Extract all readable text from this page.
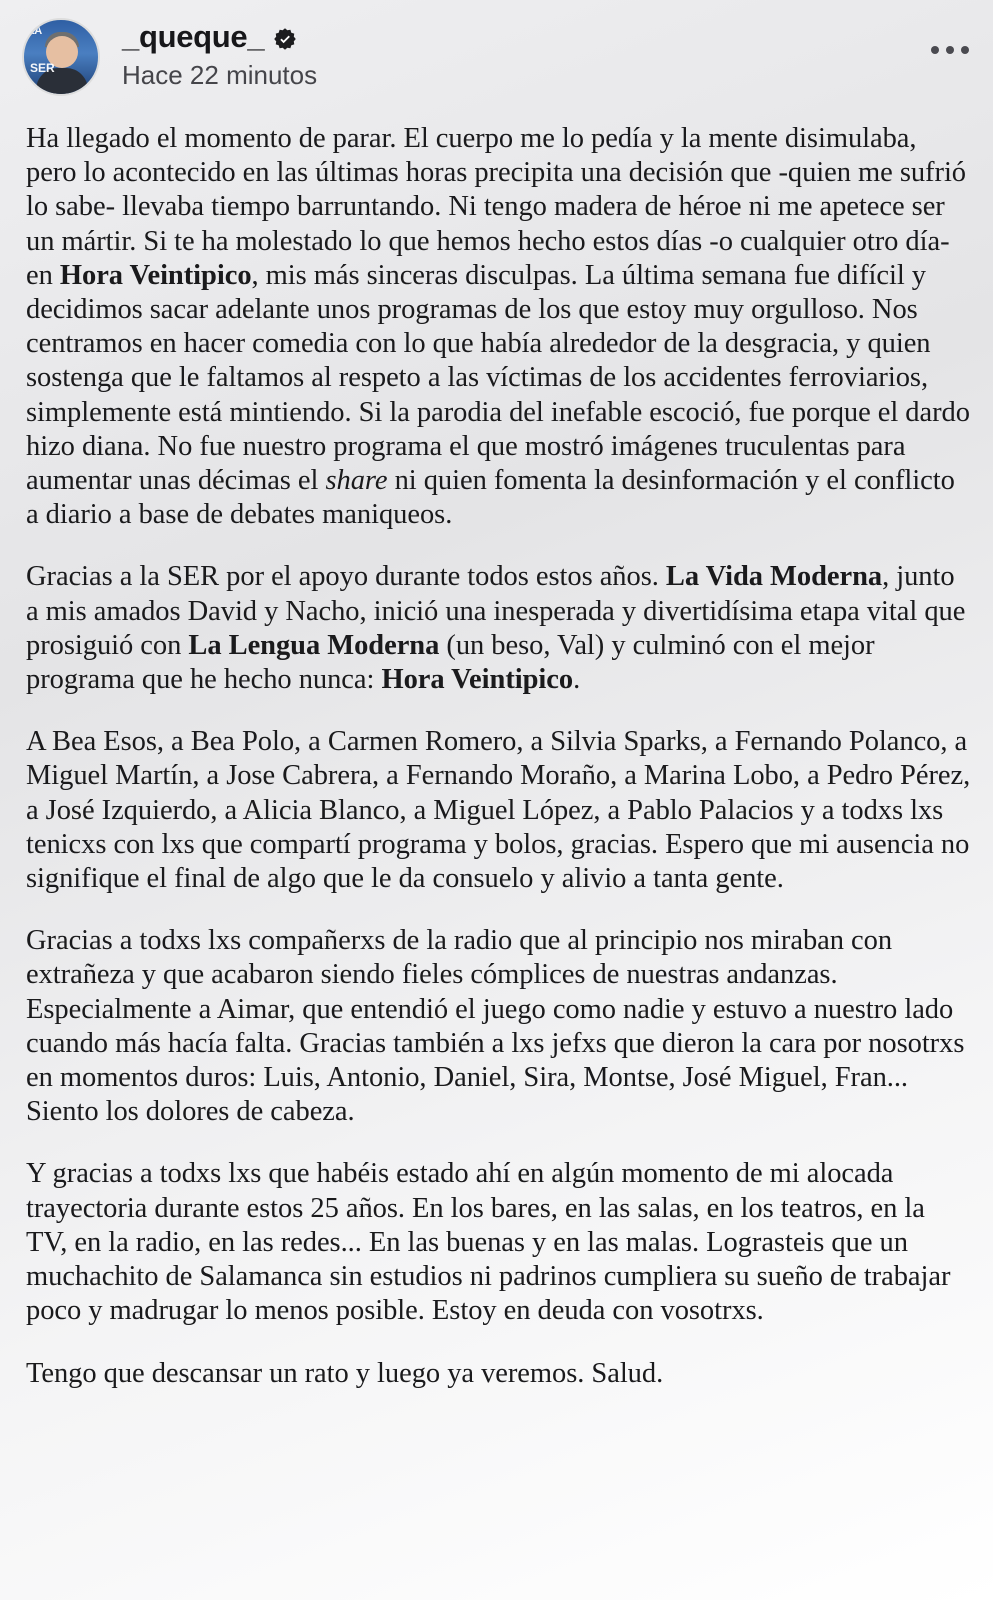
ZA
SER
_queque_
Hace 22 minutos

Ha llegado el momento de parar. El cuerpo me lo pedía y la mente disimulaba, pero lo acontecido en las últimas horas precipita una decisión que -quien me sufrió lo sabe- llevaba tiempo barruntando. Ni tengo madera de héroe ni me apetece ser un mártir. Si te ha molestado lo que hemos hecho estos días -o cualquier otro día- en Hora Veintipico, mis más sinceras disculpas. La última semana fue difícil y decidimos sacar adelante unos programas de los que estoy muy orgulloso. Nos centramos en hacer comedia con lo que había alrededor de la desgracia, y quien sostenga que le faltamos al respeto a las víctimas de los accidentes ferroviarios, simplemente está mintiendo. Si la parodia del inefable escoció, fue porque el dardo hizo diana. No fue nuestro programa el que mostró imágenes truculentas para aumentar unas décimas el share ni quien fomenta la desinformación y el conflicto a diario a base de debates maniqueos.

Gracias a la SER por el apoyo durante todos estos años. La Vida Moderna, junto a mis amados David y Nacho, inició una inesperada y divertidísima etapa vital que prosiguió con La Lengua Moderna (un beso, Val) y culminó con el mejor programa que he hecho nunca: Hora Veintipico.

A Bea Esos, a Bea Polo, a Carmen Romero, a Silvia Sparks, a Fernando Polanco, a Miguel Martín, a Jose Cabrera, a Fernando Moraño, a Marina Lobo, a Pedro Pérez, a José Izquierdo, a Alicia Blanco, a Miguel López, a Pablo Palacios y a todxs lxs tenicxs con lxs que compartí programa y bolos, gracias. Espero que mi ausencia no signifique el final de algo que le da consuelo y alivio a tanta gente.

Gracias a todxs lxs compañerxs de la radio que al principio nos miraban con extrañeza y que acabaron siendo fieles cómplices de nuestras andanzas. Especialmente a Aimar, que entendió el juego como nadie y estuvo a nuestro lado cuando más hacía falta. Gracias también a lxs jefxs que dieron la cara por nosotrxs en momentos duros: Luis, Antonio, Daniel, Sira, Montse, José Miguel, Fran... Siento los dolores de cabeza.

Y gracias a todxs lxs que habéis estado ahí en algún momento de mi alocada trayectoria durante estos 25 años. En los bares, en las salas, en los teatros, en la TV, en la radio, en las redes... En las buenas y en las malas. Lograsteis que un muchachito de Salamanca sin estudios ni padrinos cumpliera su sueño de trabajar poco y madrugar lo menos posible. Estoy en deuda con vosotrxs.

Tengo que descansar un rato y luego ya veremos. Salud.
